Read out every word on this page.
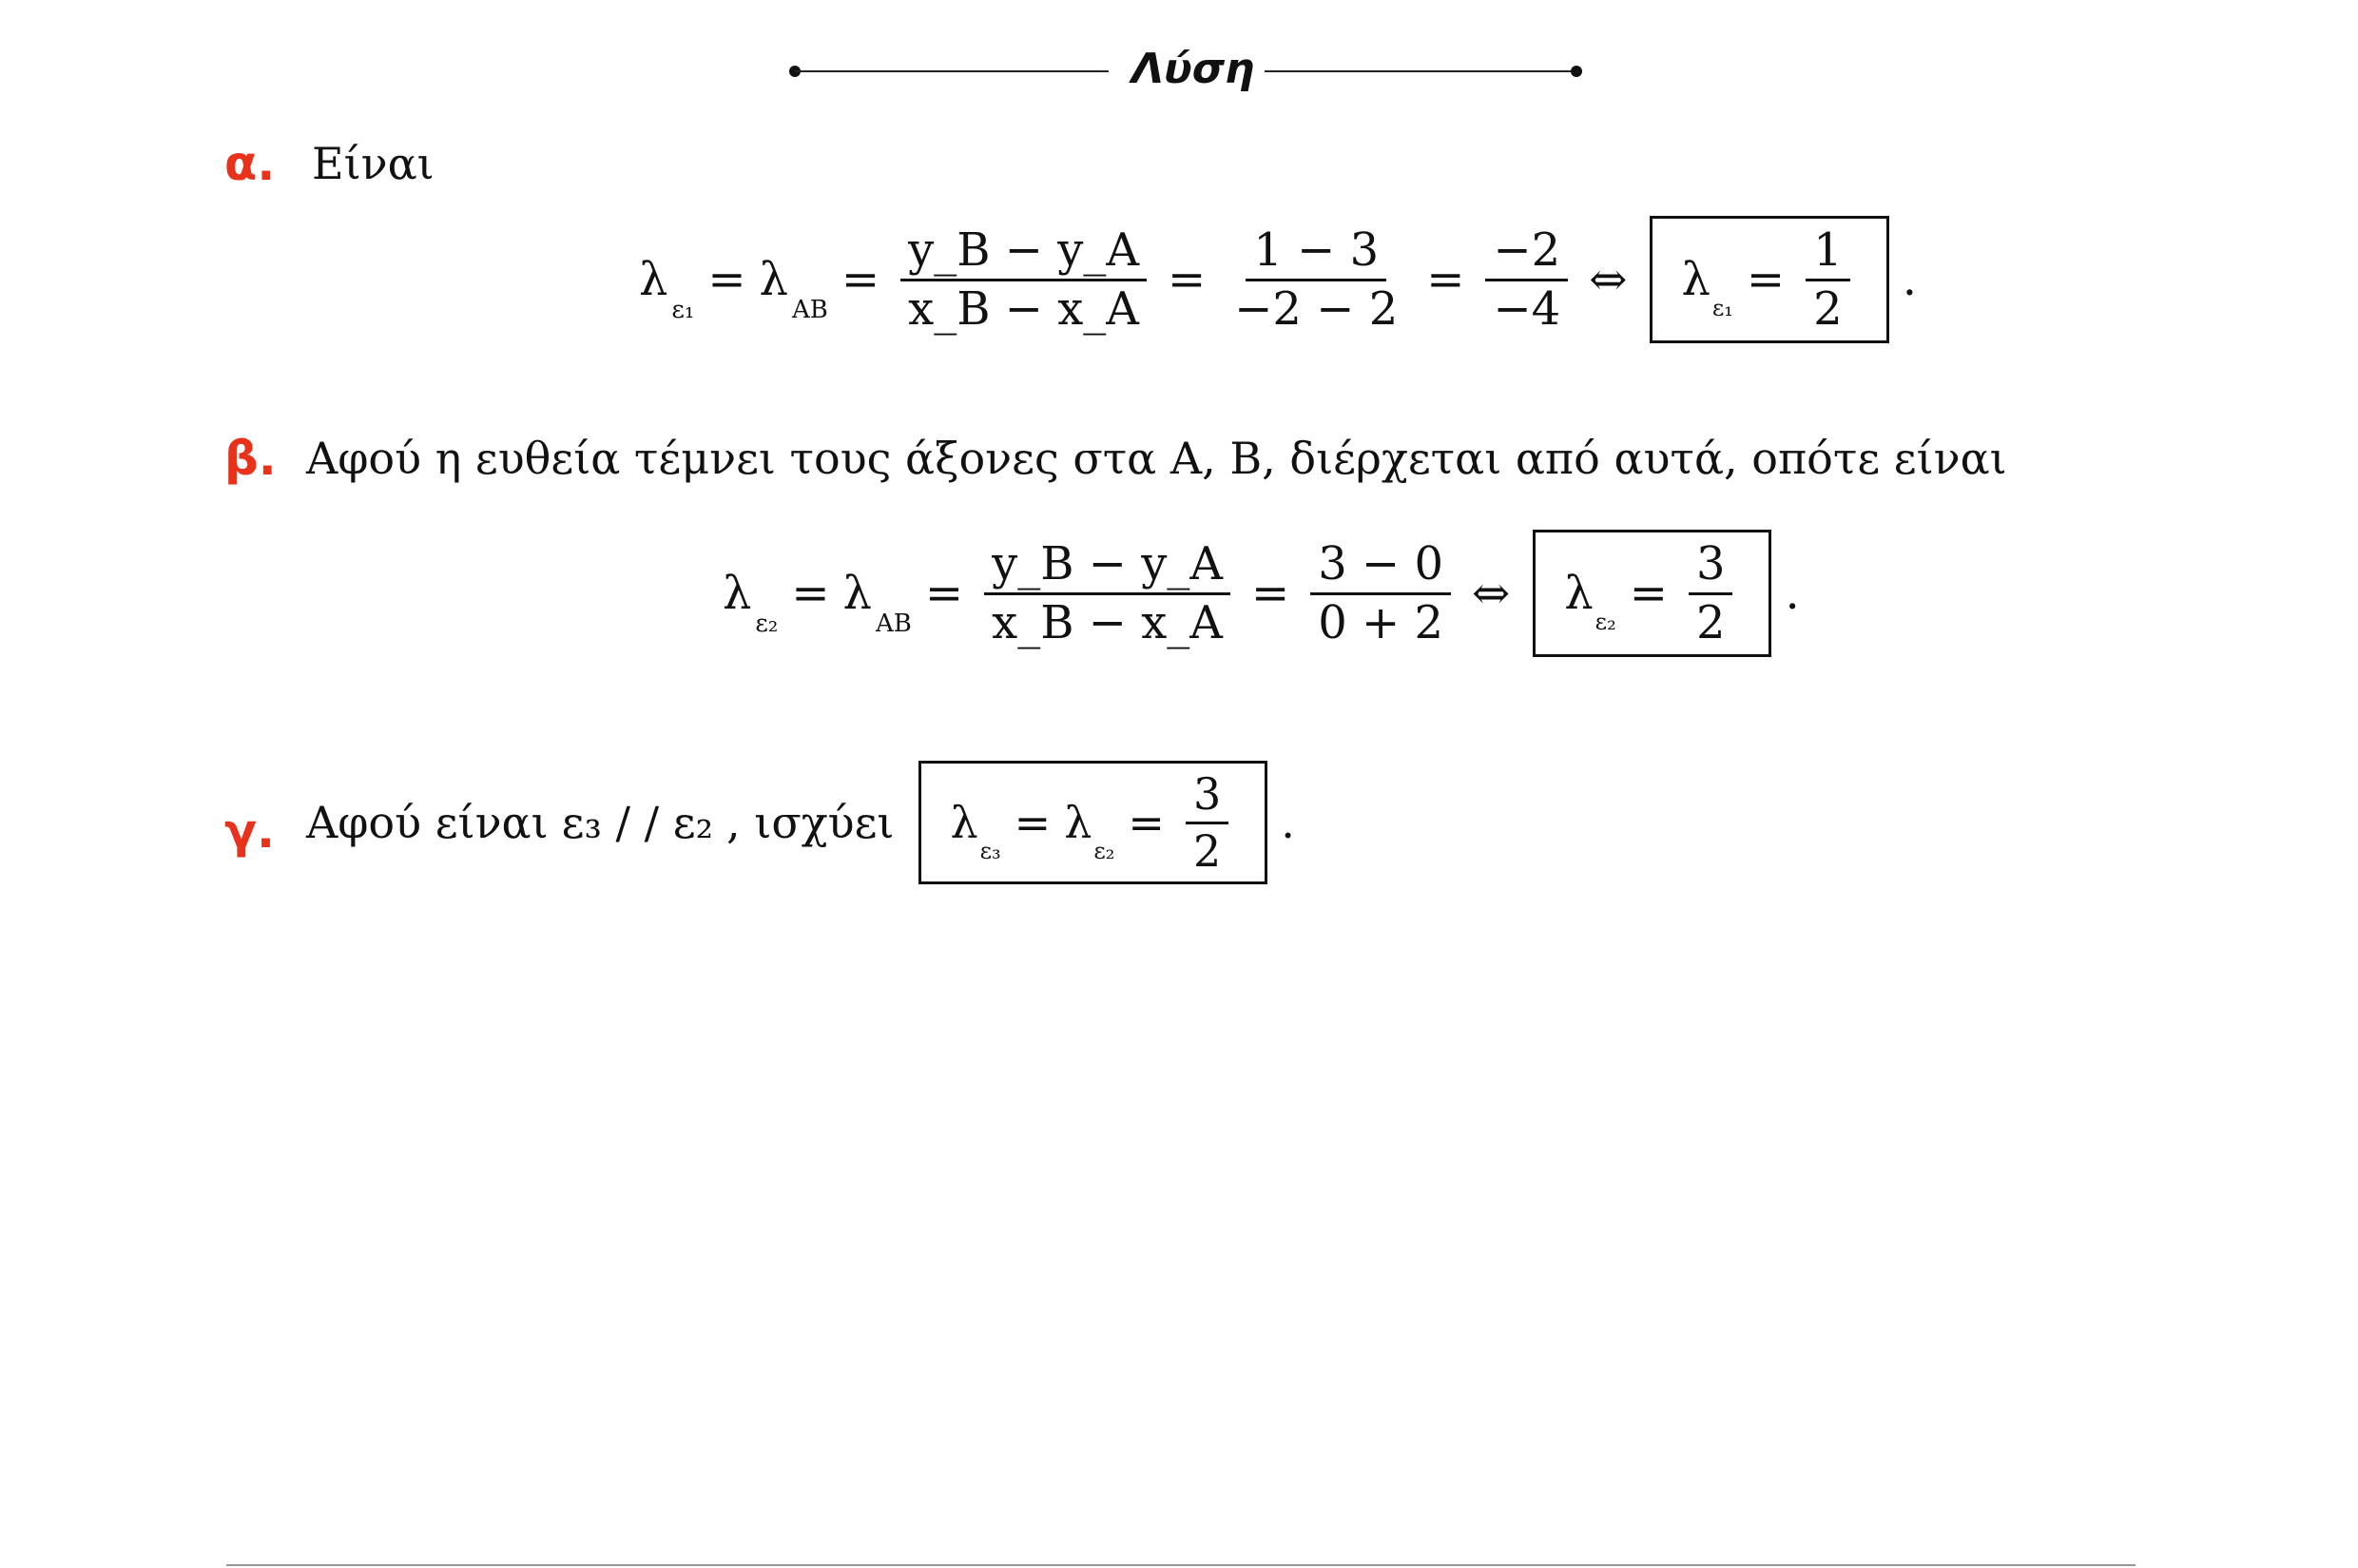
Λύση
α. Είναι
λ
ε₁
= λ
AB
= $\frac{y\_B - y\_A}{x\_B - x\_A} = \frac{1 - 3}{-2 - 2} = \frac{-2}{-4}$ ⇔ λ
ε₁
= $\frac{1}{2}$ .
β. Αφού η ευθεία τέμνει τους άξονες στα A, B, διέρχεται από αυτά, οπότε είναι
λ
ε₂
= λ
AB
= $\frac{y\_B - y\_A}{x\_B - x\_A} = \frac{3 - 0}{0 + 2}$ ⇔ λ
ε₂
= $\frac{3}{2}$ .
γ. Αφού είναι ε₃ / / ε₂ , ισχύει λ
ε₃
= λ
ε₂
= $\frac{3}{2}$ .
